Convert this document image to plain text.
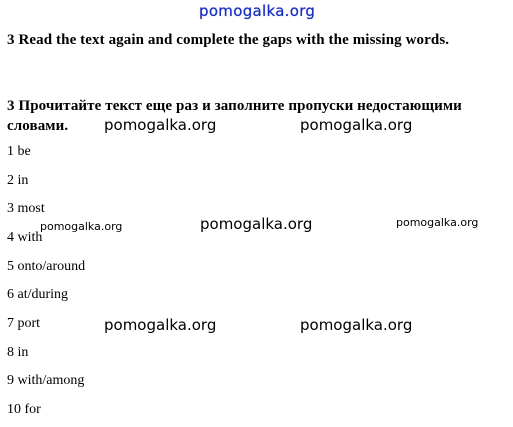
pomogalka.org

3 Read the text again and complete the gaps with the missing words.

3 Прочитайте текст еще раз и заполните пропуски недостающими словами.	pomogalka.org	pomogalka.org
1 be
2 in
3 most
4 with
5 onto/around
6 at/during
7 port
8 in
9 with/among
10 for
pomogalka.org	pomogalka.org	pomogalka.org
pomogalka.org	pomogalka.org
